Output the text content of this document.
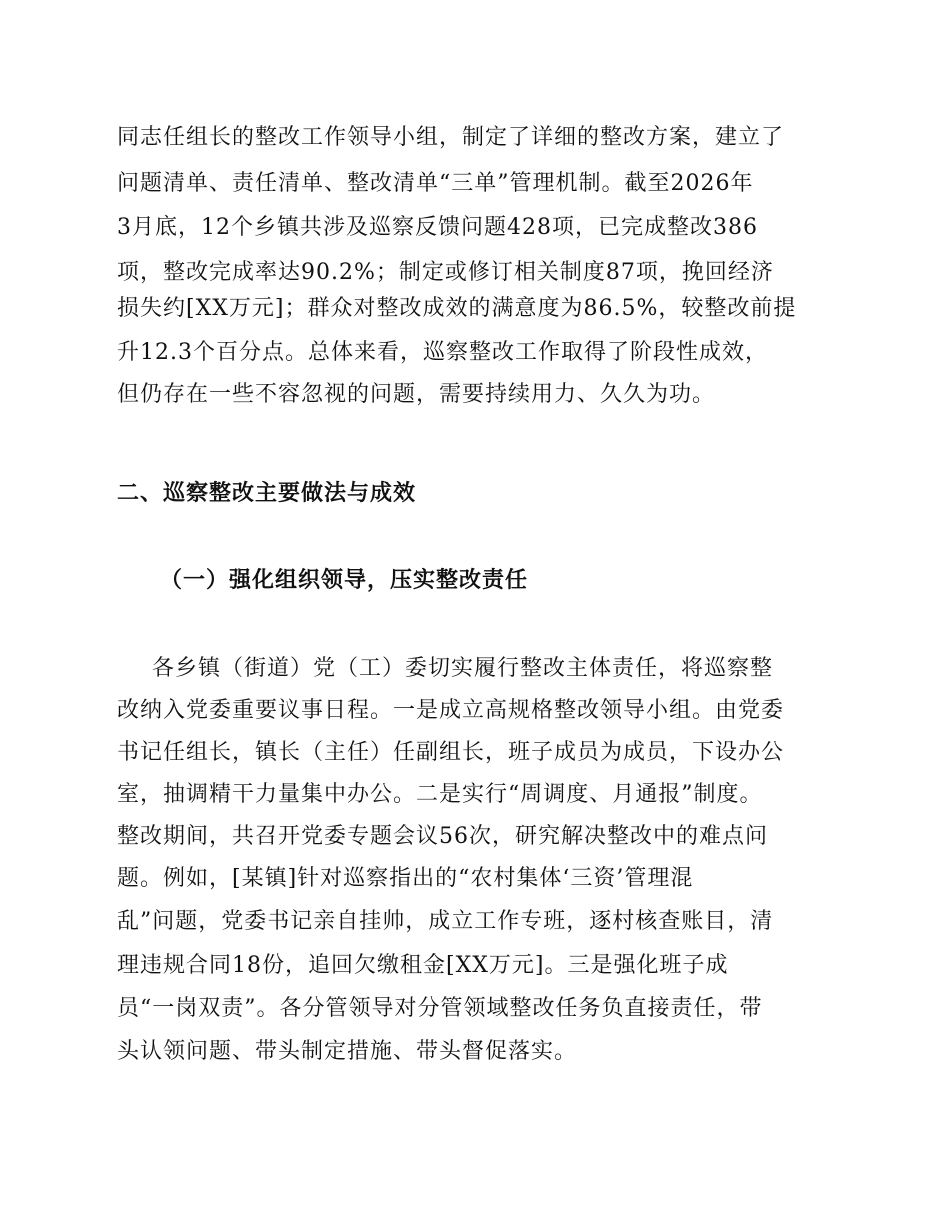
同志任组长的整改工作领导小组，制定了详细的整改方案，建立了
问题清单、责任清单、整改清单“三单”管理机制。截至2026年
3月底，12个乡镇共涉及巡察反馈问题428项，已完成整改386
项，整改完成率达90.2%；制定或修订相关制度87项，挽回经济
损失约[XX万元]；群众对整改成效的满意度为86.5%，较整改前提
升12.3个百分点。总体来看，巡察整改工作取得了阶段性成效，
但仍存在一些不容忽视的问题，需要持续用力、久久为功。
二、巡察整改主要做法与成效
（一）强化组织领导，压实整改责任
各乡镇（街道）党（工）委切实履行整改主体责任，将巡察整
改纳入党委重要议事日程。一是成立高规格整改领导小组。由党委
书记任组长，镇长（主任）任副组长，班子成员为成员，下设办公
室，抽调精干力量集中办公。二是实行“周调度、月通报”制度。
整改期间，共召开党委专题会议56次，研究解决整改中的难点问
题。例如，[某镇]针对巡察指出的“农村集体‘三资’管理混
乱”问题，党委书记亲自挂帅，成立工作专班，逐村核查账目，清
理违规合同18份，追回欠缴租金[XX万元]。三是强化班子成
员“一岗双责”。各分管领导对分管领域整改任务负直接责任，带
头认领问题、带头制定措施、带头督促落实。
